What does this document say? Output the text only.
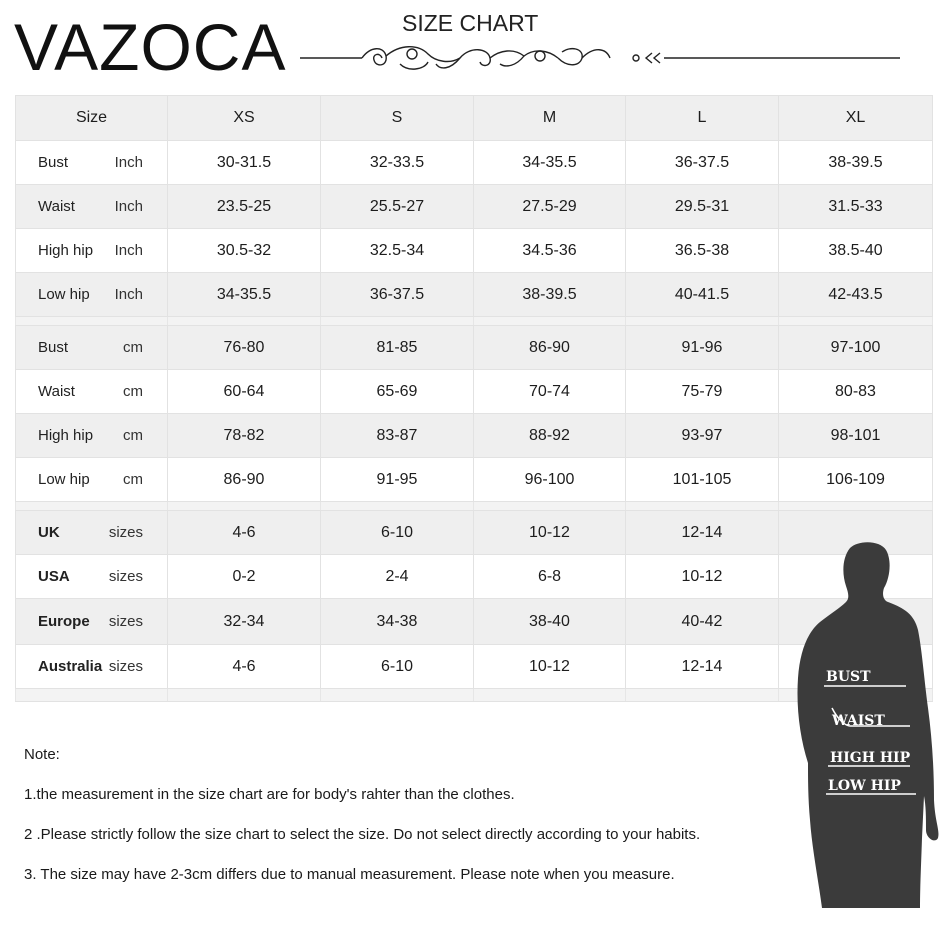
VAZOCA	SIZE CHART
Size	XS	S	M	L	XL

Bust Inch	30-31.5	32-33.5	34-35.5	36-37.5	38-39.5

Waist Inch	23.5-25	25.5-27	27.5-29	29.5-31	31.5-33

High hip Inch	30.5-32	32.5-34	34.5-36	36.5-38	38.5-40

Low hip Inch	34-35.5	36-37.5	38-39.5	40-41.5	42-43.5

Bust cm	76-80	81-85	86-90	91-96	97-100

Waist cm	60-64	65-69	70-74	75-79	80-83

High hip cm	78-82	83-87	88-92	93-97	98-101

Low hip cm	86-90	91-95	96-100	101-105	106-109

UK sizes	4-6	6-10	10-12	12-14	

USA sizes	0-2	2-4	6-8	10-12	

Europe sizes	32-34	34-38	38-40	40-42	

Australia sizes	4-6	6-10	10-12	12-14	

Note:
1.the measurement in the size chart are for body's rahter than the clothes.
2 .Please strictly follow the size chart to select the size. Do not select directly according to your habits.
3. The size may have 2-3cm differs due to manual measurement. Please note when you measure.
BUST
WAIST
HIGH HIP
LOW HIP
